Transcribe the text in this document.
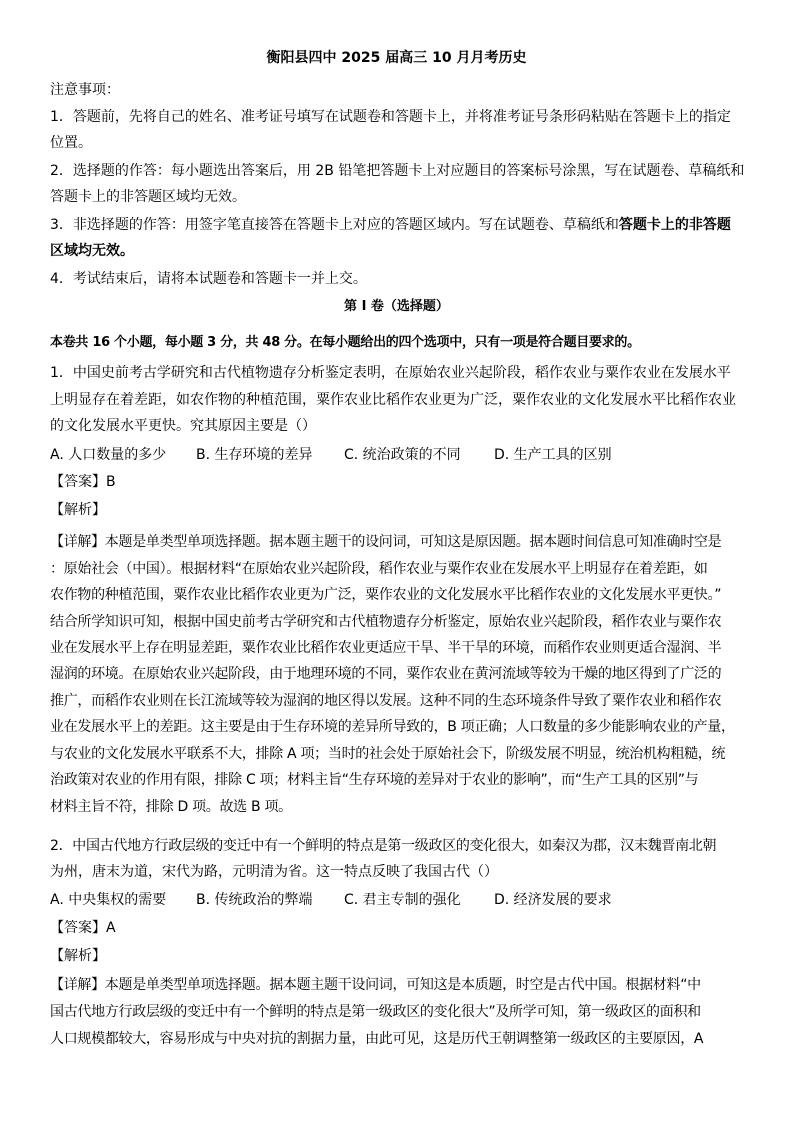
衡阳县四中 2025 届高三 10 月月考历史
注意事项：
1．答题前，先将自己的姓名、准考证号填写在试题卷和答题卡上，并将准考证号条形码粘贴在答题卡上的指定
位置。
2．选择题的作答：每小题选出答案后，用 2B 铅笔把答题卡上对应题目的答案标号涂黑，写在试题卷、草稿纸和
答题卡上的非答题区域均无效。
3．非选择题的作答：用签字笔直接答在答题卡上对应的答题区域内。写在试题卷、草稿纸和答题卡上的非答题
区域均无效。
4．考试结束后，请将本试题卷和答题卡一并上交。
第 I 卷（选择题）
本卷共 16 个小题，每小题 3 分，共 48 分。在每小题给出的四个选项中，只有一项是符合题目要求的。
1．中国史前考古学研究和古代植物遗存分析鉴定表明，在原始农业兴起阶段，稻作农业与粟作农业在发展水平
上明显存在着差距，如农作物的种植范围，粟作农业比稻作农业更为广泛，粟作农业的文化发展水平比稻作农业
的文化发展水平更快。究其原因主要是（）
A. 人口数量的多少 B. 生存环境的差异 C. 统治政策的不同 D. 生产工具的区别
【答案】B
【解析】
【详解】本题是单类型单项选择题。据本题主题干的设问词，可知这是原因题。据本题时间信息可知准确时空是
：原始社会（中国）。根据材料“在原始农业兴起阶段，稻作农业与粟作农业在发展水平上明显存在着差距，如
农作物的种植范围，粟作农业比稻作农业更为广泛，粟作农业的文化发展水平比稻作农业的文化发展水平更快。”
结合所学知识可知，根据中国史前考古学研究和古代植物遗存分析鉴定，原始农业兴起阶段，稻作农业与粟作农
业在发展水平上存在明显差距，粟作农业比稻作农业更适应干旱、半干旱的环境，而稻作农业则更适合湿润、半
湿润的环境。在原始农业兴起阶段，由于地理环境的不同，粟作农业在黄河流域等较为干燥的地区得到了广泛的
推广，而稻作农业则在长江流域等较为湿润的地区得以发展。这种不同的生态环境条件导致了粟作农业和稻作农
业在发展水平上的差距。这主要是由于生存环境的差异所导致的，B 项正确；人口数量的多少能影响农业的产量，
与农业的文化发展水平联系不大，排除 A 项；当时的社会处于原始社会下，阶级发展不明显，统治机构粗糙，统
治政策对农业的作用有限，排除 C 项；材料主旨“生存环境的差异对于农业的影响”，而“生产工具的区别”与
材料主旨不符，排除 D 项。故选 B 项。
2．中国古代地方行政层级的变迁中有一个鲜明的特点是第一级政区的变化很大，如秦汉为郡，汉末魏晋南北朝
为州，唐末为道，宋代为路，元明清为省。这一特点反映了我国古代（）
A. 中央集权的需要 B. 传统政治的弊端 C. 君主专制的强化 D. 经济发展的要求
【答案】A
【解析】
【详解】本题是单类型单项选择题。据本题主题干设问词，可知这是本质题，时空是古代中国。根据材料“中
国古代地方行政层级的变迁中有一个鲜明的特点是第一级政区的变化很大”及所学可知，第一级政区的面积和
人口规模都较大，容易形成与中央对抗的割据力量，由此可见，这是历代王朝调整第一级政区的主要原因，A
